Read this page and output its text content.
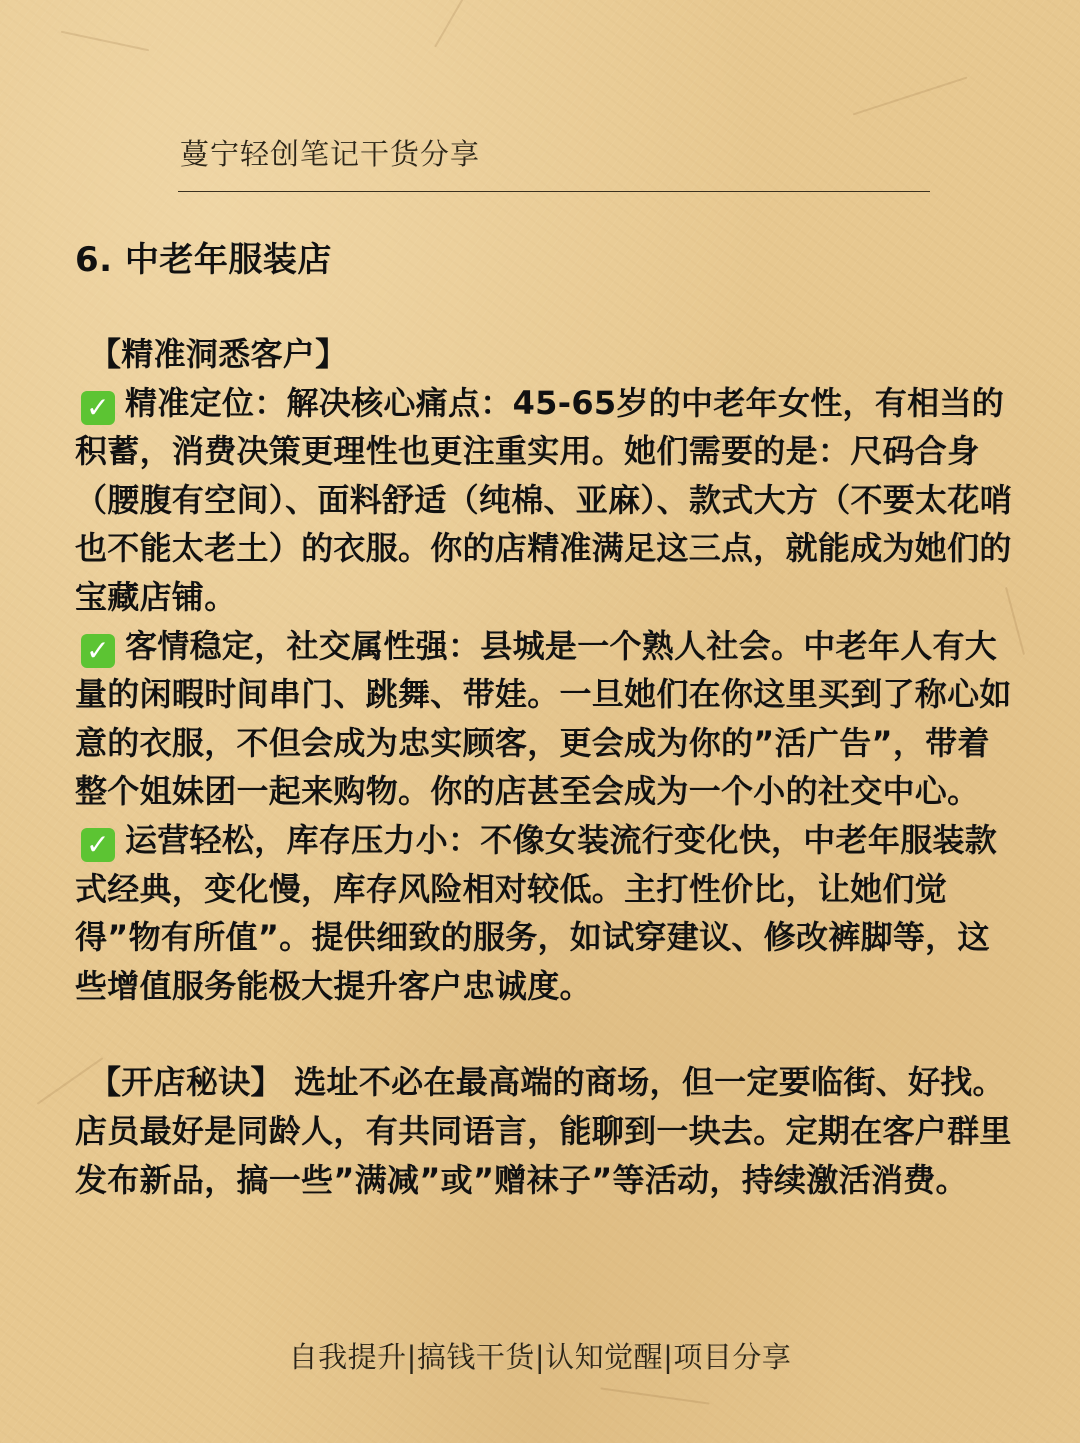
蔓宁轻创笔记干货分享
6. 中老年服装店

【精准洞悉客户】

✓ 精准定位：解决核心痛点：45-65岁的中老年女性，有相当的积蓄，消费决策更理性也更注重实用。她们需要的是：尺码合身（腰腹有空间）、面料舒适（纯棉、亚麻）、款式大方（不要太花哨也不能太老土）的衣服。你的店精准满足这三点，就能成为她们的宝藏店铺。

✓ 客情稳定，社交属性强：县城是一个熟人社会。中老年人有大量的闲暇时间串门、跳舞、带娃。一旦她们在你这里买到了称心如意的衣服，不但会成为忠实顾客，更会成为你的”活广告”，带着整个姐妹团一起来购物。你的店甚至会成为一个小的社交中心。

✓ 运营轻松，库存压力小：不像女装流行变化快，中老年服装款式经典，变化慢，库存风险相对较低。主打性价比，让她们觉得”物有所值”。提供细致的服务，如试穿建议、修改裤脚等，这些增值服务能极大提升客户忠诚度。

【开店秘诀】 选址不必在最高端的商场，但一定要临街、好找。店员最好是同龄人，有共同语言，能聊到一块去。定期在客户群里发布新品，搞一些”满减”或”赠袜子”等活动，持续激活消费。

自我提升|搞钱干货|认知觉醒|项目分享
